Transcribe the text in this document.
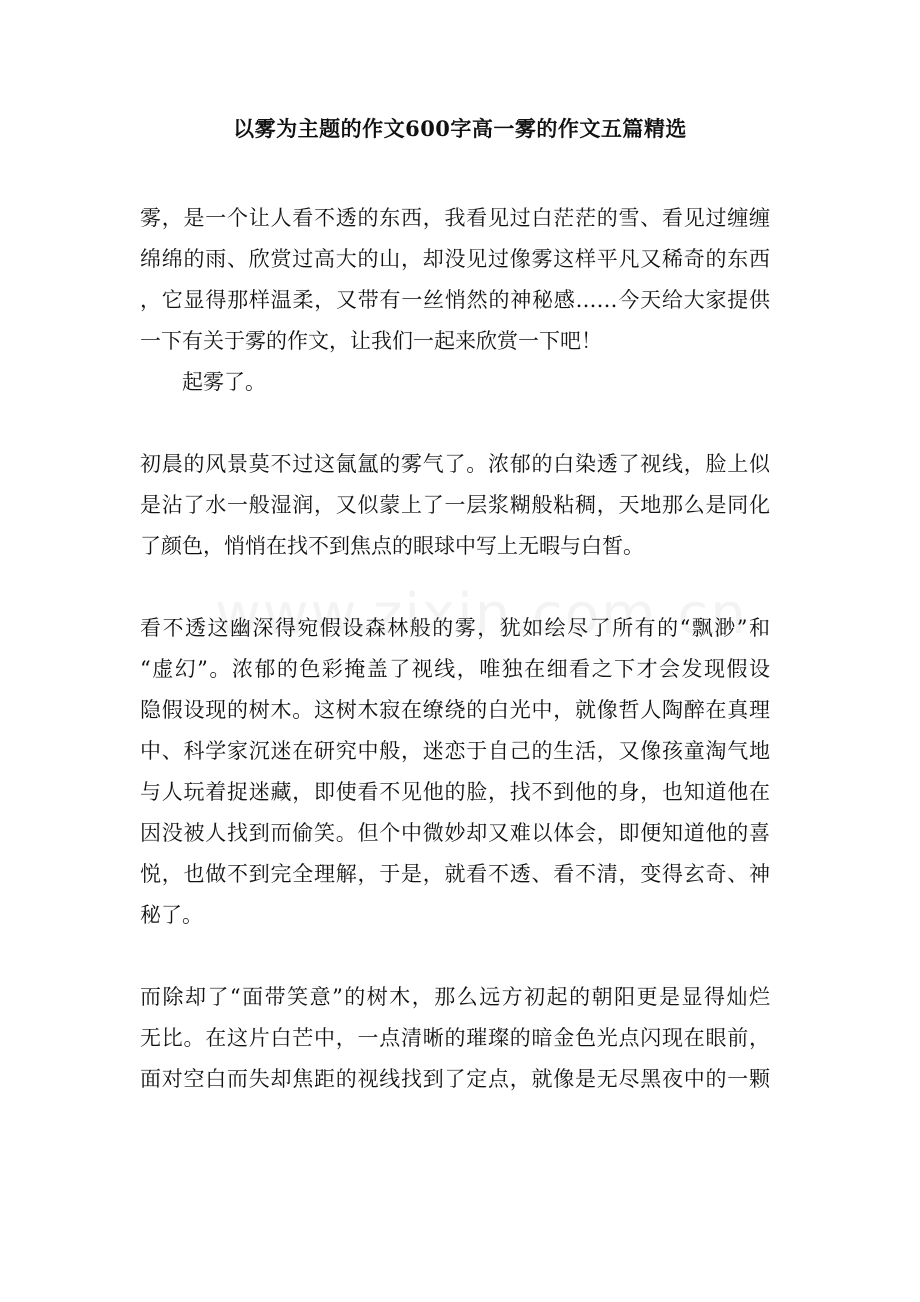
以雾为主题的作文600字高一雾的作文五篇精选
雾，是一个让人看不透的东西，我看见过白茫茫的雪、看见过缠缠
绵绵的雨、欣赏过高大的山，却没见过像雾这样平凡又稀奇的东西
，它显得那样温柔，又带有一丝悄然的神秘感……今天给大家提供
一下有关于雾的作文，让我们一起来欣赏一下吧！
起雾了。
初晨的风景莫不过这氤氲的雾气了。浓郁的白染透了视线，脸上似
是沾了水一般湿润，又似蒙上了一层浆糊般粘稠，天地那么是同化
了颜色，悄悄在找不到焦点的眼球中写上无暇与白皙。
看不透这幽深得宛假设森林般的雾，犹如绘尽了所有的“飘渺”和
“虚幻”。浓郁的色彩掩盖了视线，唯独在细看之下才会发现假设
隐假设现的树木。这树木寂在缭绕的白光中，就像哲人陶醉在真理
中、科学家沉迷在研究中般，迷恋于自己的生活，又像孩童淘气地
与人玩着捉迷藏，即使看不见他的脸，找不到他的身，也知道他在
因没被人找到而偷笑。但个中微妙却又难以体会，即便知道他的喜
悦，也做不到完全理解，于是，就看不透、看不清，变得玄奇、神
秘了。
而除却了“面带笑意”的树木，那么远方初起的朝阳更是显得灿烂
无比。在这片白芒中，一点清晰的璀璨的暗金色光点闪现在眼前，
面对空白而失却焦距的视线找到了定点，就像是无尽黑夜中的一颗
